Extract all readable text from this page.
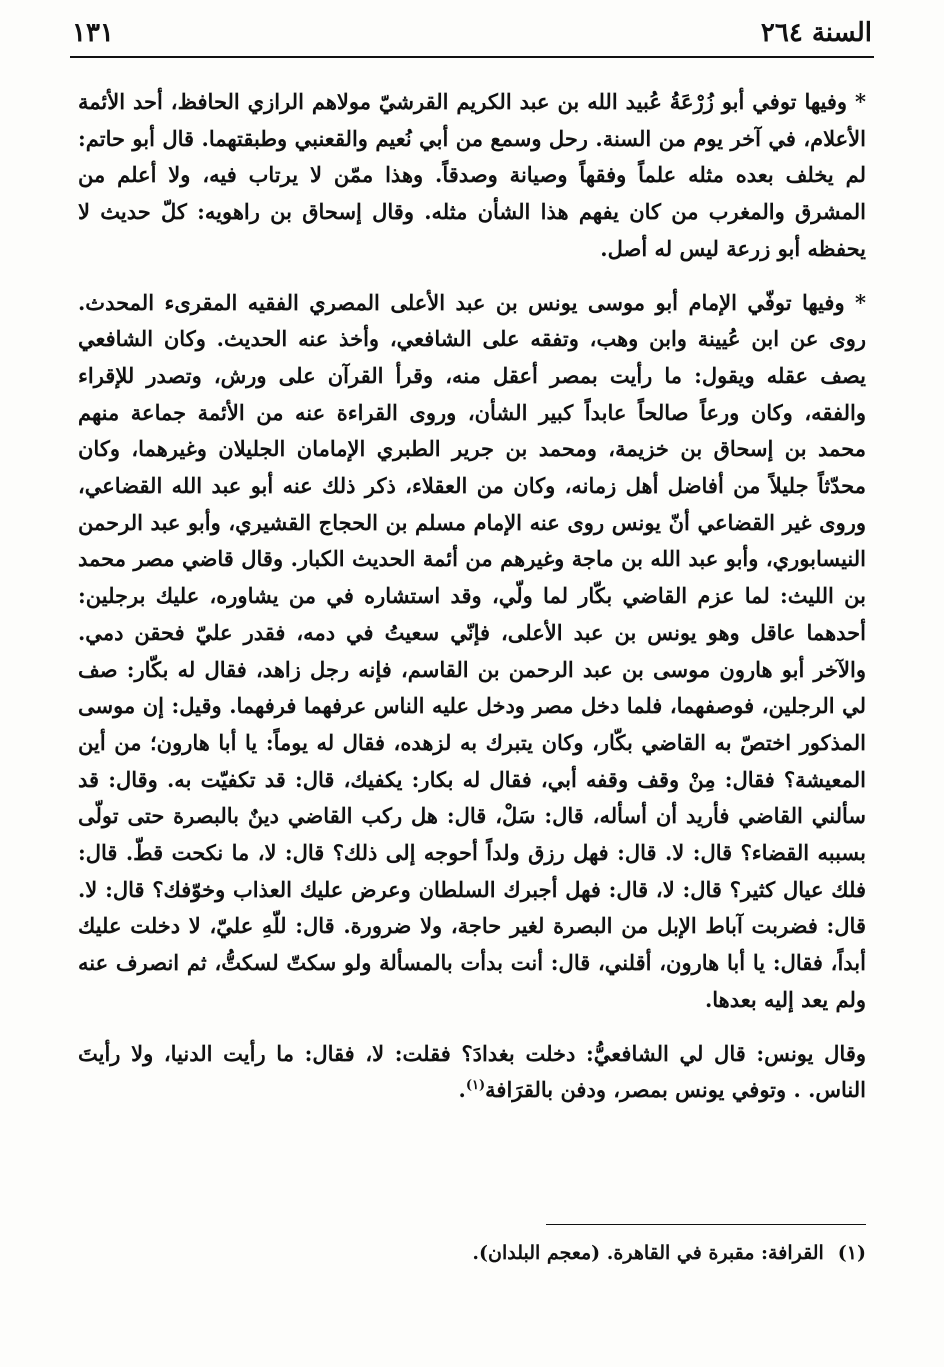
السنة ٢٦٤
١٣١

* وفيها توفي أبو زُرْعَةُ عُبيد الله بن عبد الكريم القرشيّ مولاهم الرازي الحافظ، أحد الأئمة الأعلام، في آخر يوم من السنة. رحل وسمع من أبي نُعيم والقعنبي وطبقتهما. قال أبو حاتم: لم يخلف بعده مثله علماً وفقهاً وصيانة وصدقاً. وهذا ممّن لا يرتاب فيه، ولا أعلم من المشرق والمغرب من كان يفهم هذا الشأن مثله. وقال إسحاق بن راهويه: كلّ حديث لا يحفظه أبو زرعة ليس له أصل.

* وفيها توفّي الإمام أبو موسى يونس بن عبد الأعلى المصري الفقيه المقرىء المحدث. روى عن ابن عُيينة وابن وهب، وتفقه على الشافعي، وأخذ عنه الحديث. وكان الشافعي يصف عقله ويقول: ما رأيت بمصر أعقل منه، وقرأ القرآن على ورش، وتصدر للإقراء والفقه، وكان ورعاً صالحاً عابداً كبير الشأن، وروى القراءة عنه من الأئمة جماعة منهم محمد بن إسحاق بن خزيمة، ومحمد بن جرير الطبري الإمامان الجليلان وغيرهما، وكان محدّثاً جليلاً من أفاضل أهل زمانه، وكان من العقلاء، ذكر ذلك عنه أبو عبد الله القضاعي، وروى غير القضاعي أنّ يونس روى عنه الإمام مسلم بن الحجاج القشيري، وأبو عبد الرحمن النيسابوري، وأبو عبد الله بن ماجة وغيرهم من أئمة الحديث الكبار. وقال قاضي مصر محمد بن الليث: لما عزم القاضي بكّار لما ولّي، وقد استشاره في من يشاوره، عليك برجلين: أحدهما عاقل وهو يونس بن عبد الأعلى، فإنّي سعيتُ في دمه، فقدر عليّ فحقن دمي. والآخر أبو هارون موسى بن عبد الرحمن بن القاسم، فإنه رجل زاهد، فقال له بكّار: صف لي الرجلين، فوصفهما، فلما دخل مصر ودخل عليه الناس عرفهما فرفهما. وقيل: إن موسى المذكور اختصّ به القاضي بكّار، وكان يتبرك به لزهده، فقال له يوماً: يا أبا هارون؛ من أين المعيشة؟ فقال: مِنْ وقف وقفه أبي، فقال له بكار: يكفيك، قال: قد تكفيّت به. وقال: قد سألني القاضي فأريد أن أسأله، قال: سَلْ، قال: هل ركب القاضي دينٌ بالبصرة حتى تولّى بسببه القضاء؟ قال: لا. قال: فهل رزق ولداً أحوجه إلى ذلك؟ قال: لا، ما نكحت قطّ. قال: فلك عيال كثير؟ قال: لا، قال: فهل أجبرك السلطان وعرض عليك العذاب وخوّفك؟ قال: لا. قال: فضربت آباط الإبل من البصرة لغير حاجة، ولا ضرورة. قال: للّهِ عليّ، لا دخلت عليك أبداً، فقال: يا أبا هارون، أقلني، قال: أنت بدأت بالمسألة ولو سكتّ لسكتُّ، ثم انصرف عنه ولم يعد إليه بعدها.

وقال يونس: قال لي الشافعيُّ: دخلت بغدادَ؟ فقلت: لا، فقال: ما رأيت الدنيا، ولا رأيتَ الناس. . وتوفي يونس بمصر، ودفن بالقرَافة$^{(١)}$.

(١)القرافة: مقبرة في القاهرة. (معجم البلدان).
